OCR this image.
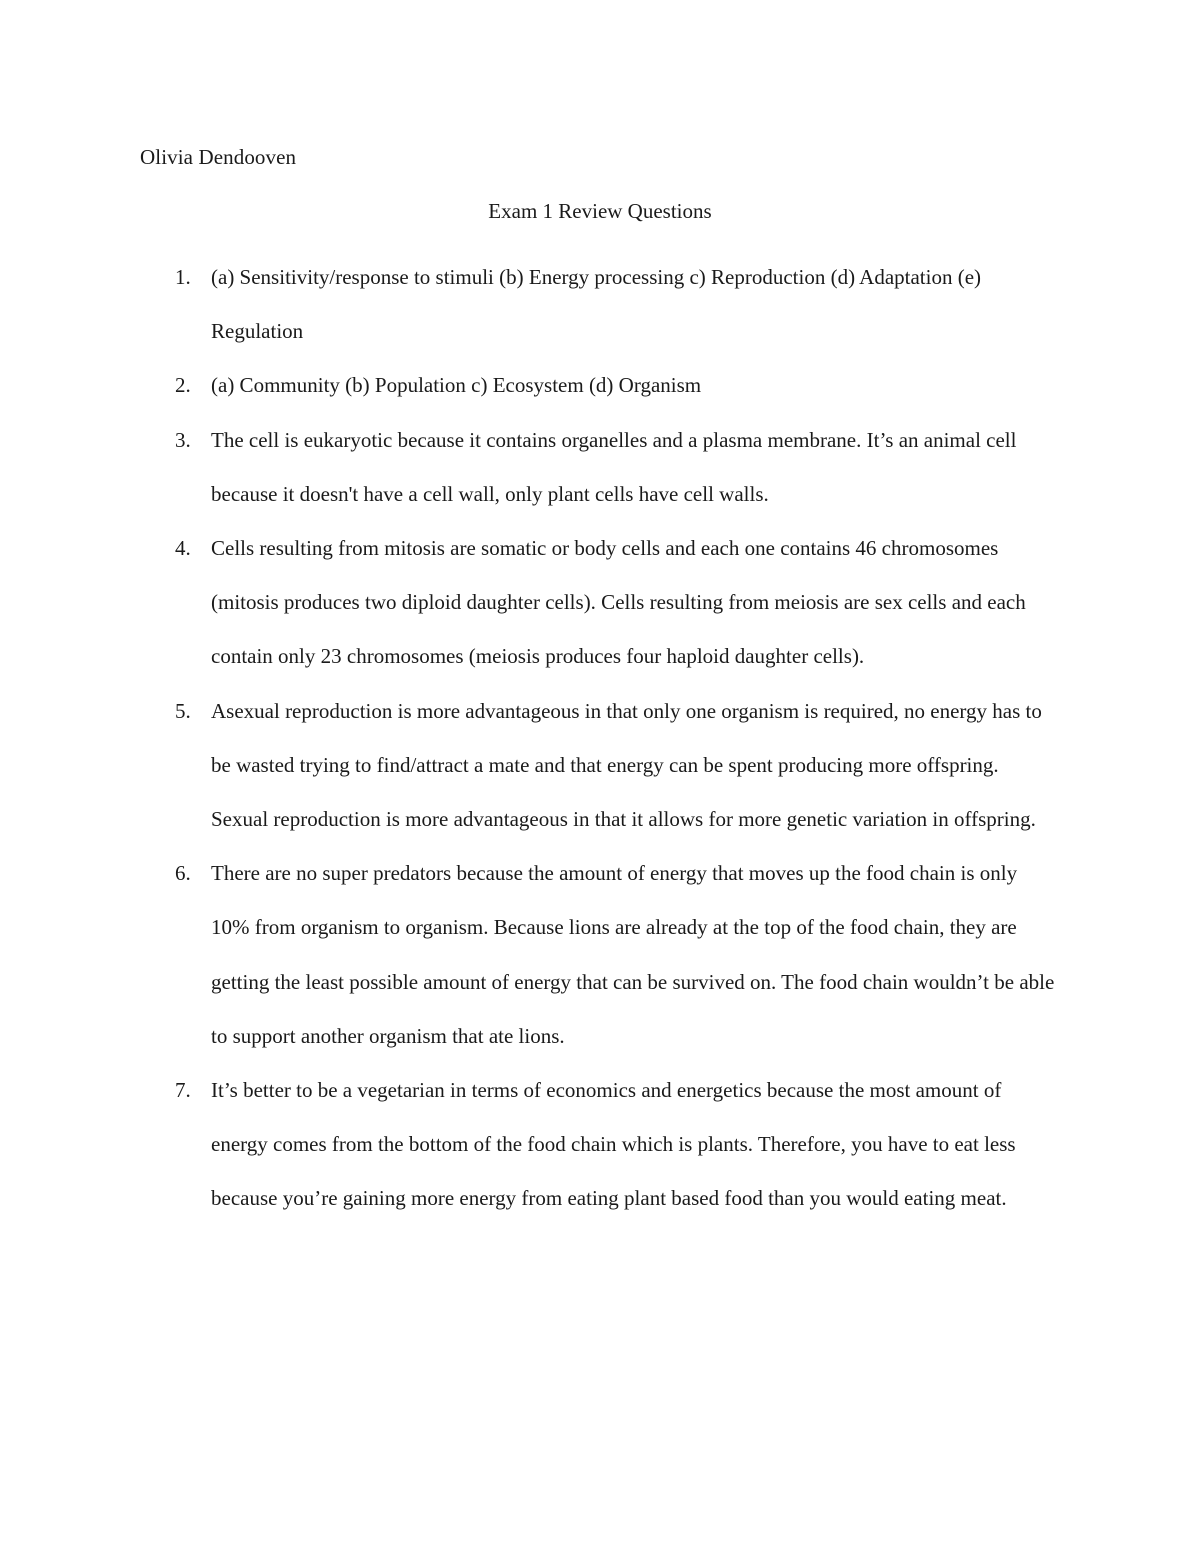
Olivia Dendooven
Exam 1 Review Questions
1. (a) Sensitivity/response to stimuli (b) Energy processing c) Reproduction (d) Adaptation (e) Regulation
2. (a) Community (b) Population c) Ecosystem (d) Organism
3. The cell is eukaryotic because it contains organelles and a plasma membrane. It’s an animal cell because it doesn't have a cell wall, only plant cells have cell walls.
4. Cells resulting from mitosis are somatic or body cells and each one contains 46 chromosomes (mitosis produces two diploid daughter cells). Cells resulting from meiosis are sex cells and each contain only 23 chromosomes (meiosis produces four haploid daughter cells).
5. Asexual reproduction is more advantageous in that only one organism is required, no energy has to be wasted trying to find/attract a mate and that energy can be spent producing more offspring. Sexual reproduction is more advantageous in that it allows for more genetic variation in offspring.
6. There are no super predators because the amount of energy that moves up the food chain is only 10% from organism to organism. Because lions are already at the top of the food chain, they are getting the least possible amount of energy that can be survived on. The food chain wouldn’t be able to support another organism that ate lions.
7. It’s better to be a vegetarian in terms of economics and energetics because the most amount of energy comes from the bottom of the food chain which is plants. Therefore, you have to eat less because you’re gaining more energy from eating plant based food than you would eating meat.
